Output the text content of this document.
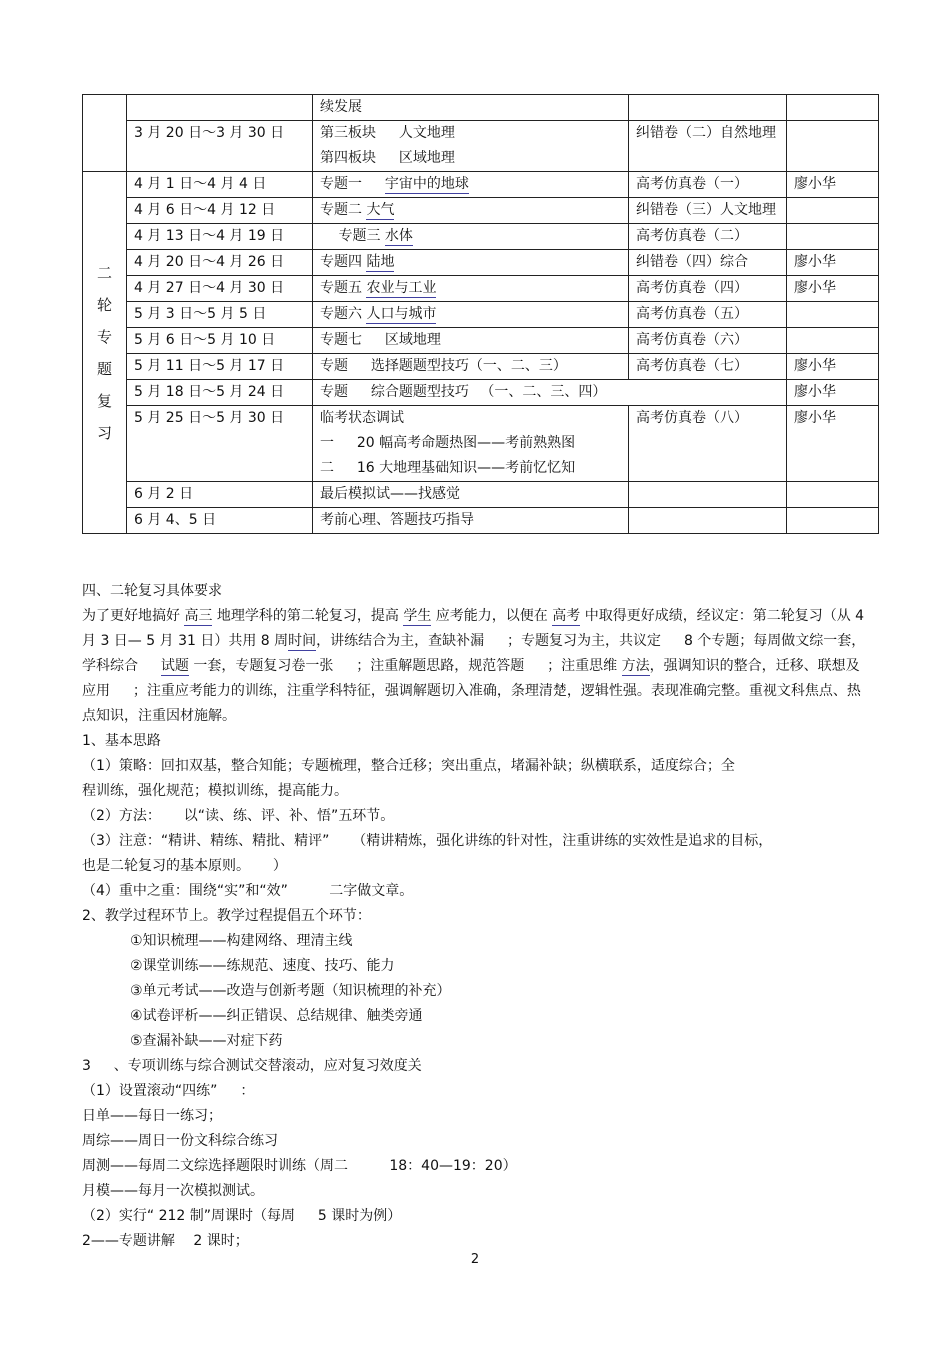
		续发展		

	3 月 20 日～3 月 30 日	第三板块 　 人文地理
第四板块 　 区域地理	纠错卷（二）自然地理	
二轮专题复习	4 月 1 日～4 月 4 日	专题一 　 宇宙中的地球	高考仿真卷（一）	廖小华
	4 月 6 日～4 月 12 日	专题二 大气	纠错卷（三）人文地理	
	4 月 13 日～4 月 19 日	　 专题三 水体	高考仿真卷（二）	
	4 月 20 日～4 月 26 日	专题四 陆地	纠错卷（四）综合	廖小华
	4 月 27 日～4 月 30 日	专题五 农业与工业	高考仿真卷（四）	廖小华
	5 月 3 日～5 月 5 日	专题六 人口与城市	高考仿真卷（五）	
	5 月 6 日～5 月 10 日	专题七 　 区域地理	高考仿真卷（六）	
	5 月 11 日～5 月 17 日	专题 　 选择题题型技巧（一、二、三）	高考仿真卷（七）	廖小华
	5 月 18 日～5 月 24 日	专题 　 综合题题型技巧 　（一、二、三、四）		廖小华
	5 月 25 日～5 月 30 日	临考状态调试
一 　 20 幅高考命题热图——考前熟熟图
二 　 16 大地理基础知识——考前忆忆知	高考仿真卷（八）	廖小华
	6 月 2 日	最后模拟试——找感觉		
	6 月 4、5 日	考前心理、答题技巧指导		

四、二轮复习具体要求

为了更好地搞好 高三 地理学科的第二轮复习，提高 学生 应考能力，以便在 高考 中取得更好成绩，经议定：第二轮复习（从 4 月 3 日— 5 月 31 日）共用 8 周时间，讲练结合为主，查缺补漏 　 ；专题复习为主，共议定 　 8 个专题；每周做文综一套，学科综合 　 试题 一套，专题复习卷一张 　 ；注重解题思路，规范答题 　 ；注重思维 方法，强调知识的整合，迁移、联想及应用 　 ；注重应考能力的训练，注重学科特征，强调解题切入准确，条理清楚，逻辑性强。表现准确完整。重视文科焦点、热点知识，注重因材施解。

1、基本思路

（1）策略：回扣双基，整合知能；专题梳理，整合迁移；突出重点，堵漏补缺；纵横联系，适度综合；全

程训练，强化规范；模拟训练，提高能力。

（2）方法： 　 以“读、练、评、补、悟”五环节。

（3）注意：“精讲、精练、精批、精评” 　 （精讲精炼，强化讲练的针对性，注重讲练的实效性是追求的目标，

也是二轮复习的基本原则。 　 ）

（4）重中之重：围绕“实”和“效” 　 　 二字做文章。

2、教学过程环节上。教学过程提倡五个环节：

①知识梳理——构建网络、理清主线

②课堂训练——练规范、速度、技巧、能力

③单元考试——改造与创新考题（知识梳理的补充）

④试卷评析——纠正错误、总结规律、触类旁通

⑤查漏补缺——对症下药

3 　 、专项训练与综合测试交替滚动，应对复习效度关

（1）设置滚动“四练” 　 ：

日单——每日一练习；

周综——周日一份文科综合练习

周测——每周二文综选择题限时训练（周二 　 　 18：40—19：20）

月模——每月一次模拟测试。

（2）实行“ 212 制”周课时（每周 　 5 课时为例）

2——专题讲解 　2 课时；

2
